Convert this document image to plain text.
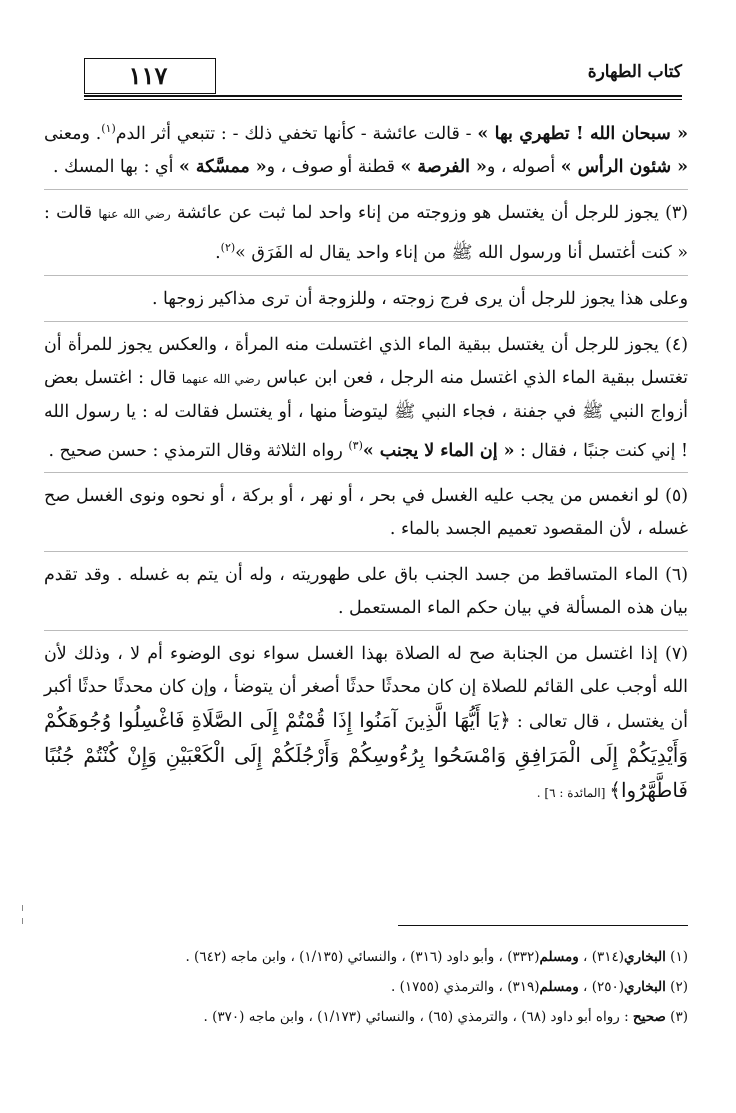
١١٧	كتاب الطهارة

« سبحان الله ! تطهري بها » - قالت عائشة - كأنها تخفي ذلك - : تتبعي أثر الدم$^{(١)}$. ومعنى « شئون الرأس » أصوله ، و« الفرصة » قطنة أو صوف ، و« ممسَّكة » أي : بها المسك .

(٣) يجوز للرجل أن يغتسل هو وزوجته من إناء واحد لما ثبت عن عائشة رضي الله عنها قالت : « كنت أغتسل أنا ورسول الله ﷺ من إناء واحد يقال له الفَرَق »$^{(٢)}$.

وعلى هذا يجوز للرجل أن يرى فرج زوجته ، وللزوجة أن ترى مذاكير زوجها .

(٤) يجوز للرجل أن يغتسل ببقية الماء الذي اغتسلت منه المرأة ، والعكس يجوز للمرأة أن تغتسل ببقية الماء الذي اغتسل منه الرجل ، فعن ابن عباس رضي الله عنهما قال : اغتسل بعض أزواج النبي ﷺ في جفنة ، فجاء النبي ﷺ ليتوضأ منها ، أو يغتسل فقالت له : يا رسول الله ! إني كنت جنبًا ، فقال : « إن الماء لا يجنب »$^{(٣)}$ رواه الثلاثة وقال الترمذي : حسن صحيح .

(٥) لو انغمس من يجب عليه الغسل في بحر ، أو نهر ، أو بركة ، أو نحوه ونوى الغسل صح غسله ، لأن المقصود تعميم الجسد بالماء .

(٦) الماء المتساقط من جسد الجنب باق على طهوريته ، وله أن يتم به غسله . وقد تقدم بيان هذه المسألة في بيان حكم الماء المستعمل .

(٧) إذا اغتسل من الجنابة صح له الصلاة بهذا الغسل سواء نوى الوضوء أم لا ، وذلك لأن الله أوجب على القائم للصلاة إن كان محدثًا حدثًا أصغر أن يتوضأ ، وإن كان محدثًا حدثًا أكبر أن يغتسل ، قال تعالى : ﴿يَا أَيُّهَا الَّذِينَ آمَنُوا إِذَا قُمْتُمْ إِلَى الصَّلَاةِ فَاغْسِلُوا وُجُوهَكُمْ وَأَيْدِيَكُمْ إِلَى الْمَرَافِقِ وَامْسَحُوا بِرُءُوسِكُمْ وَأَرْجُلَكُمْ إِلَى الْكَعْبَيْنِ وَإِنْ كُنْتُمْ جُنُبًا فَاطَّهَّرُوا﴾ [المائدة : ٦] .

(١) البخاري(٣١٤) ، ومسلم(٣٣٢) ، وأبو داود (٣١٦) ، والنسائي (١/١٣٥) ، وابن ماجه (٦٤٢) .

(٢) البخاري(٢٥٠) ، ومسلم(٣١٩) ، والترمذي (١٧٥٥) .

(٣) صحيح : رواه أبو داود (٦٨) ، والترمذي (٦٥) ، والنسائي (١/١٧٣) ، وابن ماجه (٣٧٠) .
